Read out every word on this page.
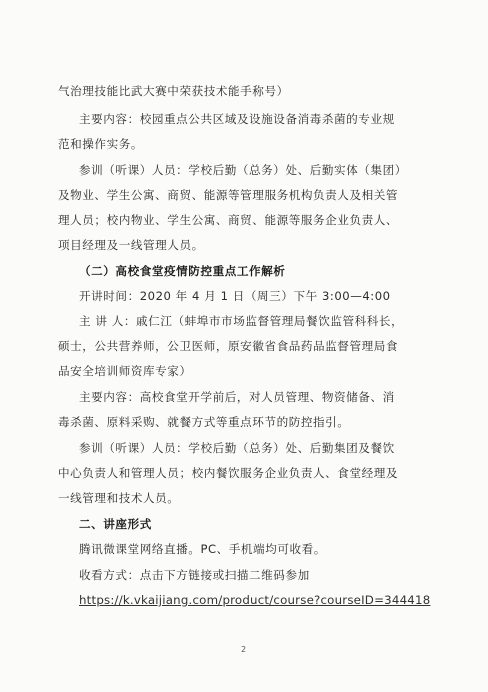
气治理技能比武大赛中荣获技术能手称号）
主要内容：校园重点公共区域及设施设备消毒杀菌的专业规
范和操作实务。
参训（听课）人员：学校后勤（总务）处、后勤实体（集团）
及物业、学生公寓、商贸、能源等管理服务机构负责人及相关管
理人员；校内物业、学生公寓、商贸、能源等服务企业负责人、
项目经理及一线管理人员。
（二）高校食堂疫情防控重点工作解析
开讲时间：2020 年 4 月 1 日（周三）下午 3:00—4:00
主 讲 人：戚仁江（蚌埠市市场监督管理局餐饮监管科科长，
硕士，公共营养师，公卫医师，原安徽省食品药品监督管理局食
品安全培训师资库专家）
主要内容：高校食堂开学前后，对人员管理、物资储备、消
毒杀菌、原料采购、就餐方式等重点环节的防控指引。
参训（听课）人员：学校后勤（总务）处、后勤集团及餐饮
中心负责人和管理人员；校内餐饮服务企业负责人、食堂经理及
一线管理和技术人员。
二、讲座形式
腾讯微课堂网络直播。PC、手机端均可收看。
收看方式：点击下方链接或扫描二维码参加
https://k.vkaijiang.com/product/course?courseID=344418
2
